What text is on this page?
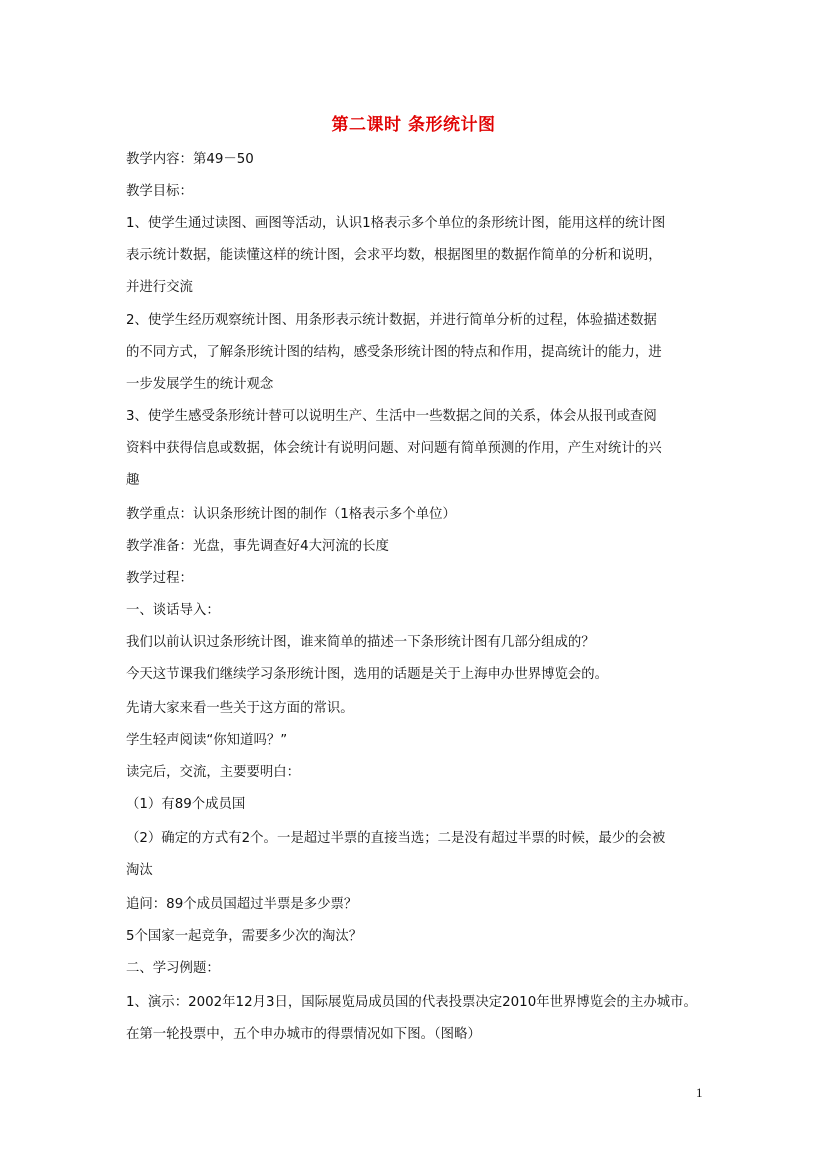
第二课时 条形统计图
教学内容：第49－50
教学目标：
1、使学生通过读图、画图等活动，认识1格表示多个单位的条形统计图，能用这样的统计图
表示统计数据，能读懂这样的统计图，会求平均数，根据图里的数据作简单的分析和说明，
并进行交流
2、使学生经历观察统计图、用条形表示统计数据，并进行简单分析的过程，体验描述数据
的不同方式，了解条形统计图的结构，感受条形统计图的特点和作用，提高统计的能力，进
一步发展学生的统计观念
3、使学生感受条形统计替可以说明生产、生活中一些数据之间的关系，体会从报刊或查阅
资料中获得信息或数据，体会统计有说明问题、对问题有简单预测的作用，产生对统计的兴
趣
教学重点：认识条形统计图的制作（1格表示多个单位）
教学准备：光盘，事先调查好4大河流的长度
教学过程：
一、谈话导入：
我们以前认识过条形统计图，谁来简单的描述一下条形统计图有几部分组成的？
今天这节课我们继续学习条形统计图，选用的话题是关于上海申办世界博览会的。
先请大家来看一些关于这方面的常识。
学生轻声阅读“你知道吗？”
读完后，交流，主要要明白：
（1）有89个成员国
（2）确定的方式有2个。一是超过半票的直接当选；二是没有超过半票的时候，最少的会被
淘汰
追问：89个成员国超过半票是多少票？
5个国家一起竞争，需要多少次的淘汰？
二、学习例题：
1、演示：2002年12月3日，国际展览局成员国的代表投票决定2010年世界博览会的主办城市。
在第一轮投票中，五个申办城市的得票情况如下图。（图略）
1
